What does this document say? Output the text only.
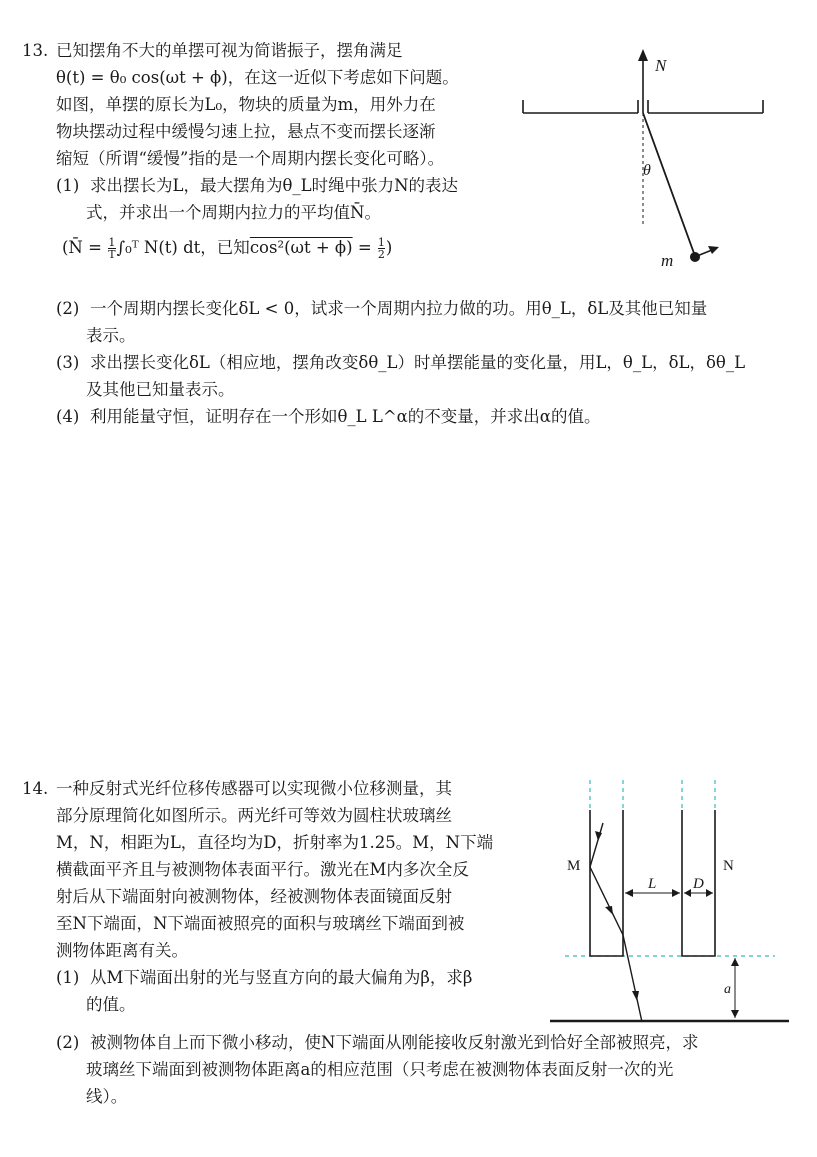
13. 已知摆角不大的单摆可视为简谐振子，摆角满足
θ(t) = θ₀ cos(ωt + ϕ)，在这一近似下考虑如下问题。
如图，单摆的原长为L₀，物块的质量为m，用外力在
物块摆动过程中缓慢匀速上拉，悬点不变而摆长逐渐
缩短（所谓“缓慢”指的是一个周期内摆长变化可略）。
(1) 求出摆长为L，最大摆角为θ_L时绳中张力N的表达
式，并求出一个周期内拉力的平均值N̄。
(N̄ = $\frac{1}{T}$ ∫₀ᵀ N(t) dt，已知$\cos^2(\omega t + \phi) = \frac{1}{2}$ )
(2) 一个周期内摆长变化δL < 0，试求一个周期内拉力做的功。用θ_L，δL及其他已知量
表示。
(3) 求出摆长变化δL（相应地，摆角改变δθ_L）时单摆能量的变化量，用L，θ_L，δL，δθ_L
及其他已知量表示。
(4) 利用能量守恒，证明存在一个形如θ_L L^α的不变量，并求出α的值。
N
θ
m
14. 一种反射式光纤位移传感器可以实现微小位移测量，其
部分原理简化如图所示。两光纤可等效为圆柱状玻璃丝
M，N，相距为L，直径均为D，折射率为1.25。M，N下端
横截面平齐且与被测物体表面平行。激光在M内多次全反
射后从下端面射向被测物体，经被测物体表面镜面反射
至N下端面，N下端面被照亮的面积与玻璃丝下端面到被
测物体距离有关。
(1) 从M下端面出射的光与竖直方向的最大偏角为β，求β
的值。
(2) 被测物体自上而下微小移动，使N下端面从刚能接收反射激光到恰好全部被照亮，求
玻璃丝下端面到被测物体距离a的相应范围（只考虑在被测物体表面反射一次的光
线）。
M	N
L D
a
